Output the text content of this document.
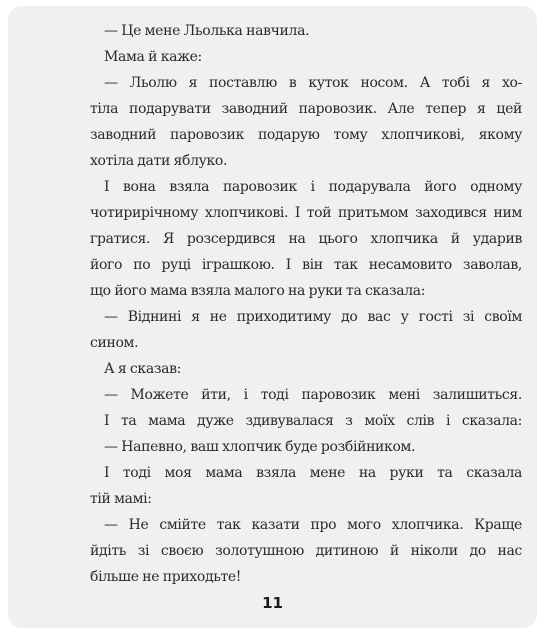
— Це мене Льолька навчила.

Мама й каже:

— Льолю я поставлю в куток носом. А тобі я хо-

тіла подарувати заводний паровозик. Але тепер я цей

заводний паровозик подарую тому хлопчикові, якому

хотіла дати яблуко.

І вона взяла паровозик і подарувала його одному

чотирирічному хлопчикові. І той притьмом заходився ним

гратися. Я розсердився на цього хлопчика й ударив

його по руці іграшкою. І він так несамовито заволав,

що його мама взяла малого на руки та сказала:

— Віднині я не приходитиму до вас у гості зі своїм

сином.

А я сказав:

— Можете йти, і тоді паровозик мені залишиться.

І та мама дуже здивувалася з моїх слів і сказала:

— Напевно, ваш хлопчик буде розбійником.

І тоді моя мама взяла мене на руки та сказала

тій мамі:

— Не смійте так казати про мого хлопчика. Краще

йдіть зі своєю золотушною дитиною й ніколи до нас

більше не приходьте!

11
